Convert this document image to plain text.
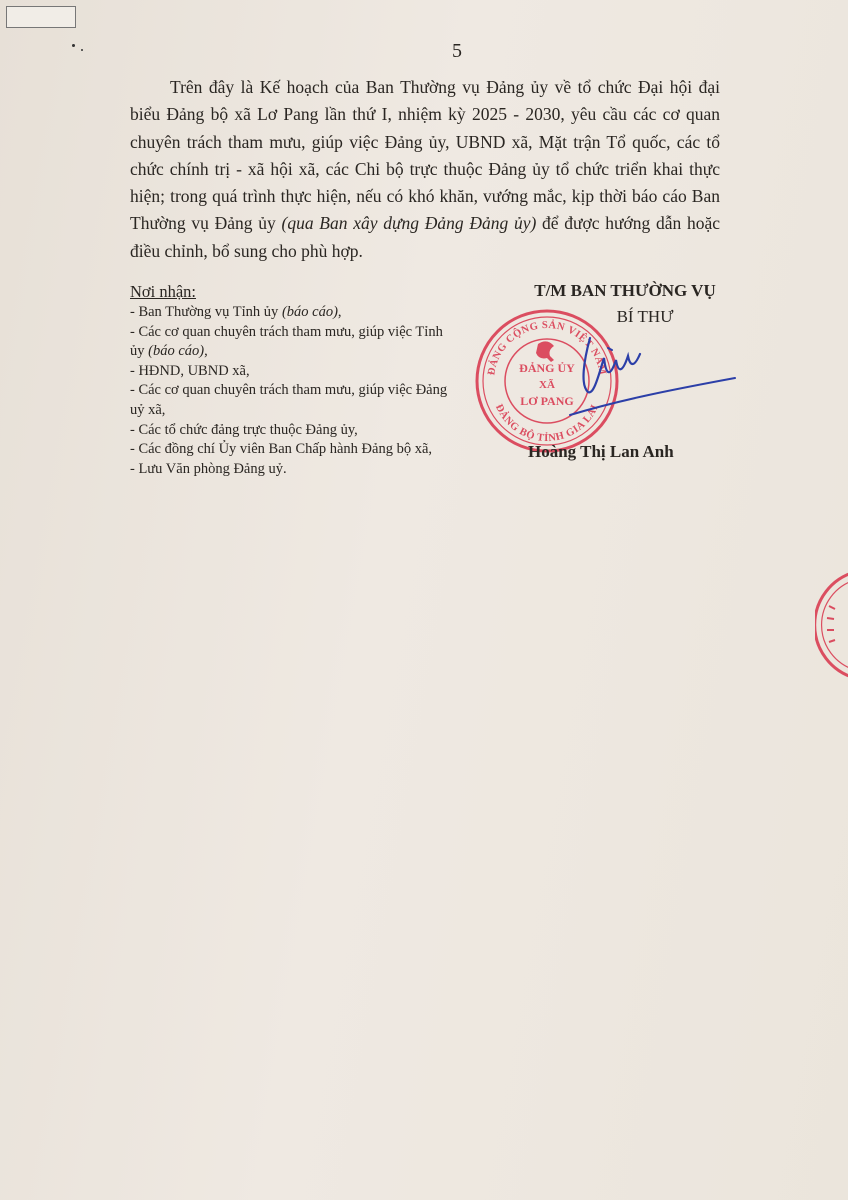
5

Trên đây là Kế hoạch của Ban Thường vụ Đảng ủy về tổ chức Đại hội đại biểu Đảng bộ xã Lơ Pang lần thứ I, nhiệm kỳ 2025 - 2030, yêu cầu các cơ quan chuyên trách tham mưu, giúp việc Đảng ủy, UBND xã, Mặt trận Tổ quốc, các tổ chức chính trị - xã hội xã, các Chi bộ trực thuộc Đảng ủy tổ chức triển khai thực hiện; trong quá trình thực hiện, nếu có khó khăn, vướng mắc, kịp thời báo cáo Ban Thường vụ Đảng ủy (qua Ban xây dựng Đảng Đảng ủy) để được hướng dẫn hoặc điều chỉnh, bổ sung cho phù hợp.

Nơi nhận:
- Ban Thường vụ Tỉnh ủy (báo cáo),
- Các cơ quan chuyên trách tham mưu, giúp việc Tỉnh ủy (báo cáo),
- HĐND, UBND xã,
- Các cơ quan chuyên trách tham mưu, giúp việc Đảng uỷ xã,
- Các tổ chức đảng trực thuộc Đảng ủy,
- Các đồng chí Ủy viên Ban Chấp hành Đảng bộ xã,
- Lưu Văn phòng Đảng uỷ.
T/M BAN THƯỜNG VỤ
BÍ THƯ
ĐẢNG CỘNG SẢN VIỆT NAM
ĐẢNG BỘ TỈNH GIA LAI
ĐẢNG ỦY
XÃ
LƠ PANG
Hoàng Thị Lan Anh
